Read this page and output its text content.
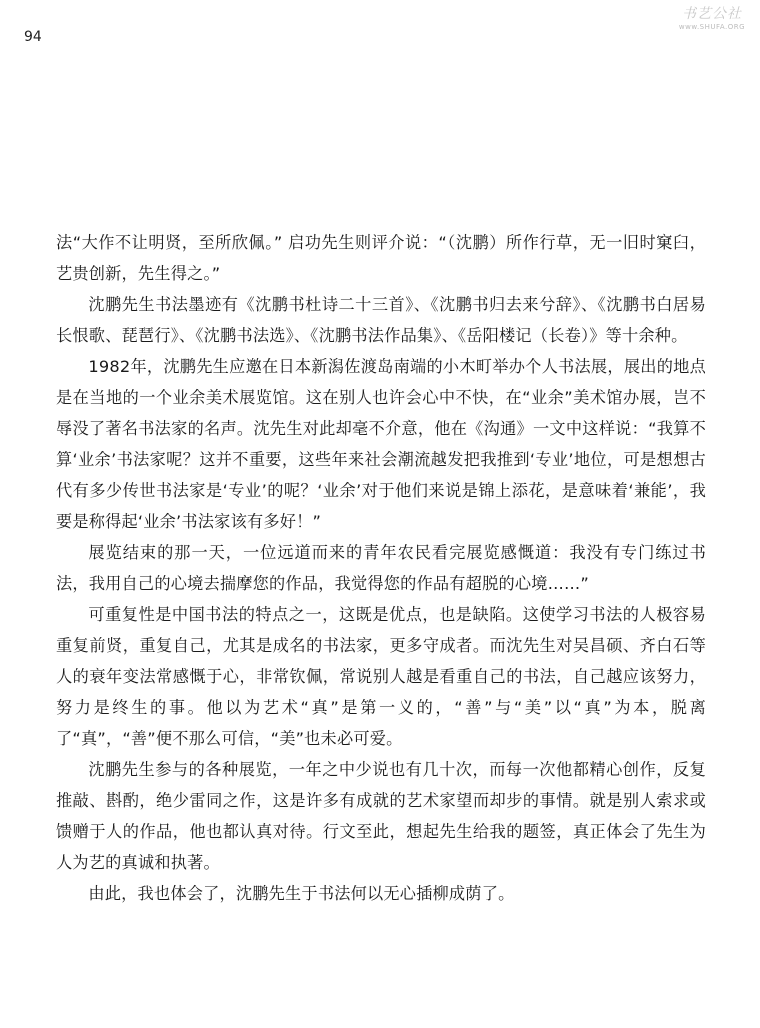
94
书艺公社
www.SHUFA.ORG

法“大作不让明贤，至所欣佩。” 启功先生则评介说：“（沈鹏）所作行草，无一旧时窠臼，艺贵创新，先生得之。”

沈鹏先生书法墨迹有《沈鹏书杜诗二十三首》、《沈鹏书归去来兮辞》、《沈鹏书白居易长恨歌、琵琶行》、《沈鹏书法选》、《沈鹏书法作品集》、《岳阳楼记（长卷）》等十余种。

1982年，沈鹏先生应邀在日本新潟佐渡岛南端的小木町举办个人书法展，展出的地点是在当地的一个业余美术展览馆。这在别人也许会心中不快，在“业余”美术馆办展，岂不辱没了著名书法家的名声。沈先生对此却毫不介意，他在《沟通》一文中这样说：“我算不算‘业余’书法家呢？这并不重要，这些年来社会潮流越发把我推到‘专业’地位，可是想想古代有多少传世书法家是‘专业’的呢？‘业余’对于他们来说是锦上添花，是意味着‘兼能’，我要是称得起‘业余’书法家该有多好！”

展览结束的那一天，一位远道而来的青年农民看完展览感慨道：我没有专门练过书法，我用自己的心境去揣摩您的作品，我觉得您的作品有超脱的心境……”

可重复性是中国书法的特点之一，这既是优点，也是缺陷。这使学习书法的人极容易重复前贤，重复自己，尤其是成名的书法家，更多守成者。而沈先生对吴昌硕、齐白石等人的衰年变法常感慨于心，非常钦佩，常说别人越是看重自己的书法，自己越应该努力，努力是终生的事。他以为艺术“真”是第一义的，“善”与“美”以“真”为本，脱离了“真”，“善”便不那么可信，“美”也未必可爱。

沈鹏先生参与的各种展览，一年之中少说也有几十次，而每一次他都精心创作，反复推敲、斟酌，绝少雷同之作，这是许多有成就的艺术家望而却步的事情。就是别人索求或馈赠于人的作品，他也都认真对待。行文至此，想起先生给我的题签，真正体会了先生为人为艺的真诚和执著。

由此，我也体会了，沈鹏先生于书法何以无心插柳成荫了。
